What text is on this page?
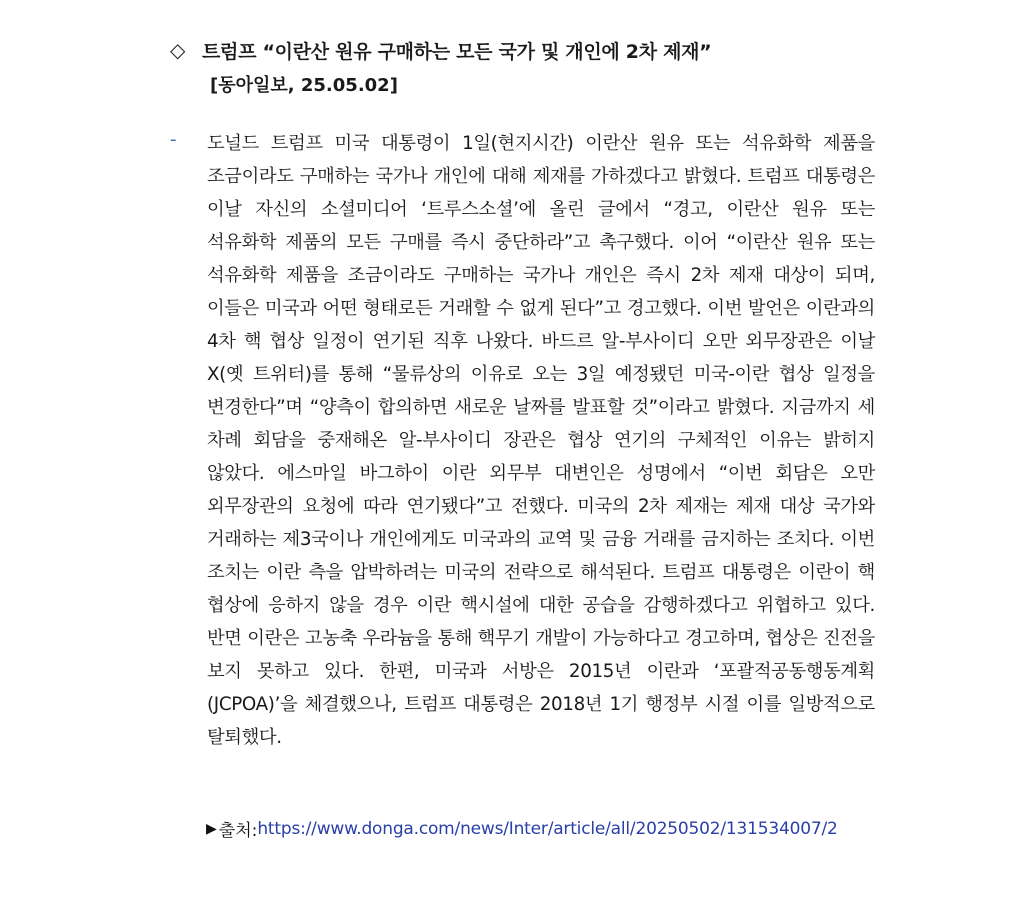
◇ 트럼프 “이란산 원유 구매하는 모든 국가 및 개인에 2차 제재”
[동아일보, 25.05.02]
- 도널드 트럼프 미국 대통령이 1일(현지시간) 이란산 원유 또는 석유화학 제품을 조금이라도 구매하는 국가나 개인에 대해 제재를 가하겠다고 밝혔다. 트럼프 대통령은 이날 자신의 소셜미디어 ‘트루스소셜’에 올린 글에서 “경고, 이란산 원유 또는 석유화학 제품의 모든 구매를 즉시 중단하라”고 촉구했다. 이어 “이란산 원유 또는 석유화학 제품을 조금이라도 구매하는 국가나 개인은 즉시 2차 제재 대상이 되며, 이들은 미국과 어떤 형태로든 거래할 수 없게 된다”고 경고했다. 이번 발언은 이란과의 4차 핵 협상 일정이 연기된 직후 나왔다. 바드르 알-부사이디 오만 외무장관은 이날 X(옛 트위터)를 통해 “물류상의 이유로 오는 3일 예정됐던 미국-이란 협상 일정을 변경한다”며 “양측이 합의하면 새로운 날짜를 발표할 것”이라고 밝혔다. 지금까지 세 차례 회담을 중재해온 알-부사이디 장관은 협상 연기의 구체적인 이유는 밝히지 않았다. 에스마일 바그하이 이란 외무부 대변인은 성명에서 “이번 회담은 오만 외무장관의 요청에 따라 연기됐다”고 전했다. 미국의 2차 제재는 제재 대상 국가와 거래하는 제3국이나 개인에게도 미국과의 교역 및 금융 거래를 금지하는 조치다. 이번 조치는 이란 측을 압박하려는 미국의 전략으로 해석된다. 트럼프 대통령은 이란이 핵 협상에 응하지 않을 경우 이란 핵시설에 대한 공습을 감행하겠다고 위협하고 있다. 반면 이란은 고농축 우라늄을 통해 핵무기 개발이 가능하다고 경고하며, 협상은 진전을 보지 못하고 있다. 한편, 미국과 서방은 2015년 이란과 ‘포괄적공동행동계획(JCPOA)’을 체결했으나, 트럼프 대통령은 2018년 1기 행정부 시절 이를 일방적으로 탈퇴했다.
▶ 출처: https://www.donga.com/news/Inter/article/all/20250502/131534007/2
